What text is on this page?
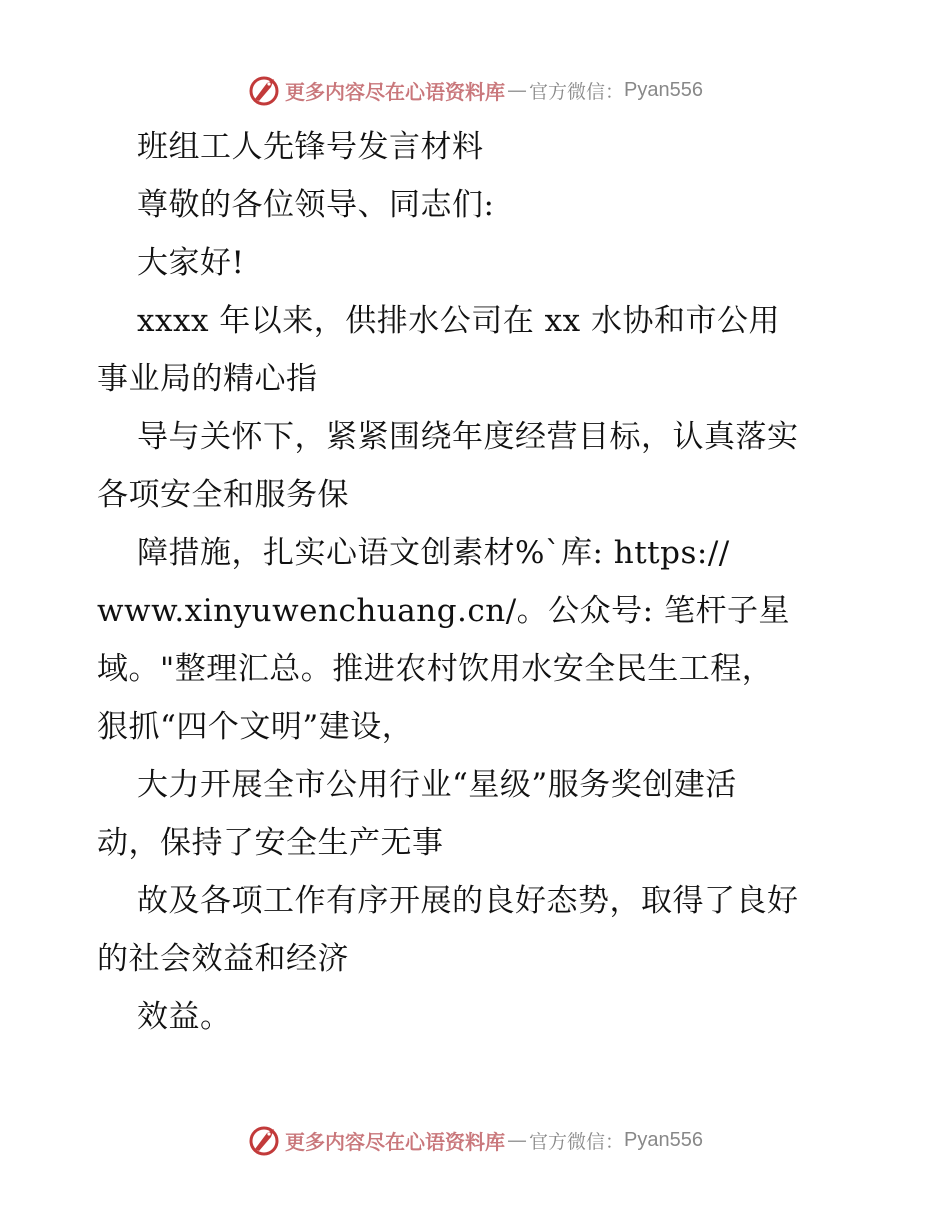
更多内容尽在心语资料库 — 官方微信： Pyan556
班组工人先锋号发言材料
尊敬的各位领导、同志们:
大家好!
xxxx 年以来，供排水公司在 xx 水协和市公用
事业局的精心指
导与关怀下，紧紧围绕年度经营目标，认真落实
各项安全和服务保
障措施，扎实心语文创素材%`库: https://
www.xinyuwenchuang.cn/。公众号: 笔杆子星
域。"整理汇总。推进农村饮用水安全民生工程，
狠抓“四个文明”建设，
大力开展全市公用行业“星级”服务奖创建活
动，保持了安全生产无事
故及各项工作有序开展的良好态势，取得了良好
的社会效益和经济
效益。
更多内容尽在心语资料库 — 官方微信： Pyan556
